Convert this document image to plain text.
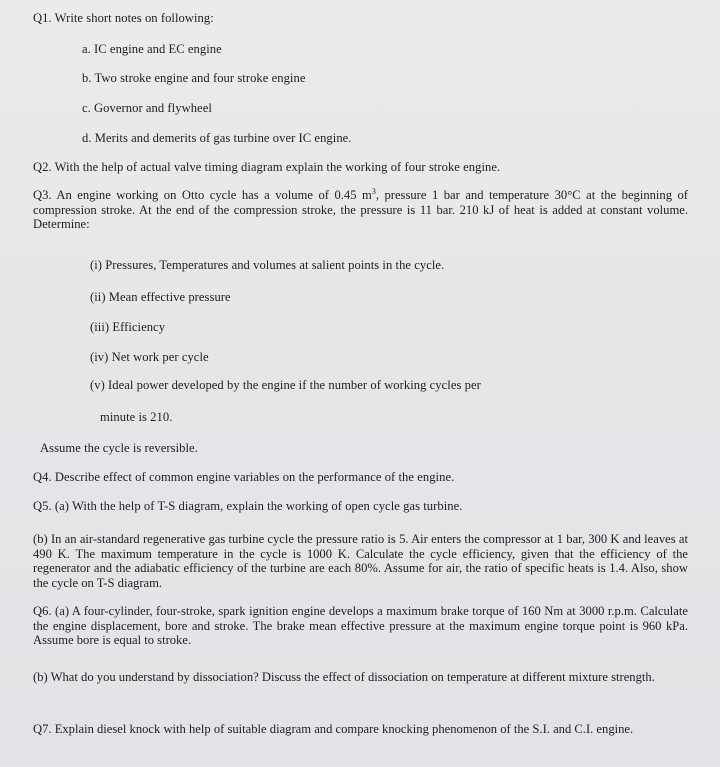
Q1. Write short notes on following:
a. IC engine and EC engine
b. Two stroke engine and four stroke engine
c. Governor and flywheel
d. Merits and demerits of gas turbine over IC engine.
Q2. With the help of actual valve timing diagram explain the working of four stroke engine.
Q3. An engine working on Otto cycle has a volume of 0.45 $m^3$, pressure 1 bar and temperature 30°C at the beginning of compression stroke. At the end of the compression stroke, the pressure is 11 bar. 210 kJ of heat is added at constant volume. Determine:
(i) Pressures, Temperatures and volumes at salient points in the cycle.
(ii) Mean effective pressure
(iii) Efficiency
(iv) Net work per cycle
(v) Ideal power developed by the engine if the number of working cycles per
minute is 210.
Assume the cycle is reversible.
Q4. Describe effect of common engine variables on the performance of the engine.
Q5. (a) With the help of T-S diagram, explain the working of open cycle gas turbine.
(b) In an air-standard regenerative gas turbine cycle the pressure ratio is 5. Air enters the compressor at 1 bar, 300 K and leaves at 490 K. The maximum temperature in the cycle is 1000 K. Calculate the cycle efficiency, given that the efficiency of the regenerator and the adiabatic efficiency of the turbine are each 80%. Assume for air, the ratio of specific heats is 1.4. Also, show the cycle on T-S diagram.
Q6. (a) A four-cylinder, four-stroke, spark ignition engine develops a maximum brake torque of 160 Nm at 3000 r.p.m. Calculate the engine displacement, bore and stroke. The brake mean effective pressure at the maximum engine torque point is 960 kPa. Assume bore is equal to stroke.
(b) What do you understand by dissociation? Discuss the effect of dissociation on temperature at different mixture strength.
Q7. Explain diesel knock with help of suitable diagram and compare knocking phenomenon of the S.I. and C.I. engine.
